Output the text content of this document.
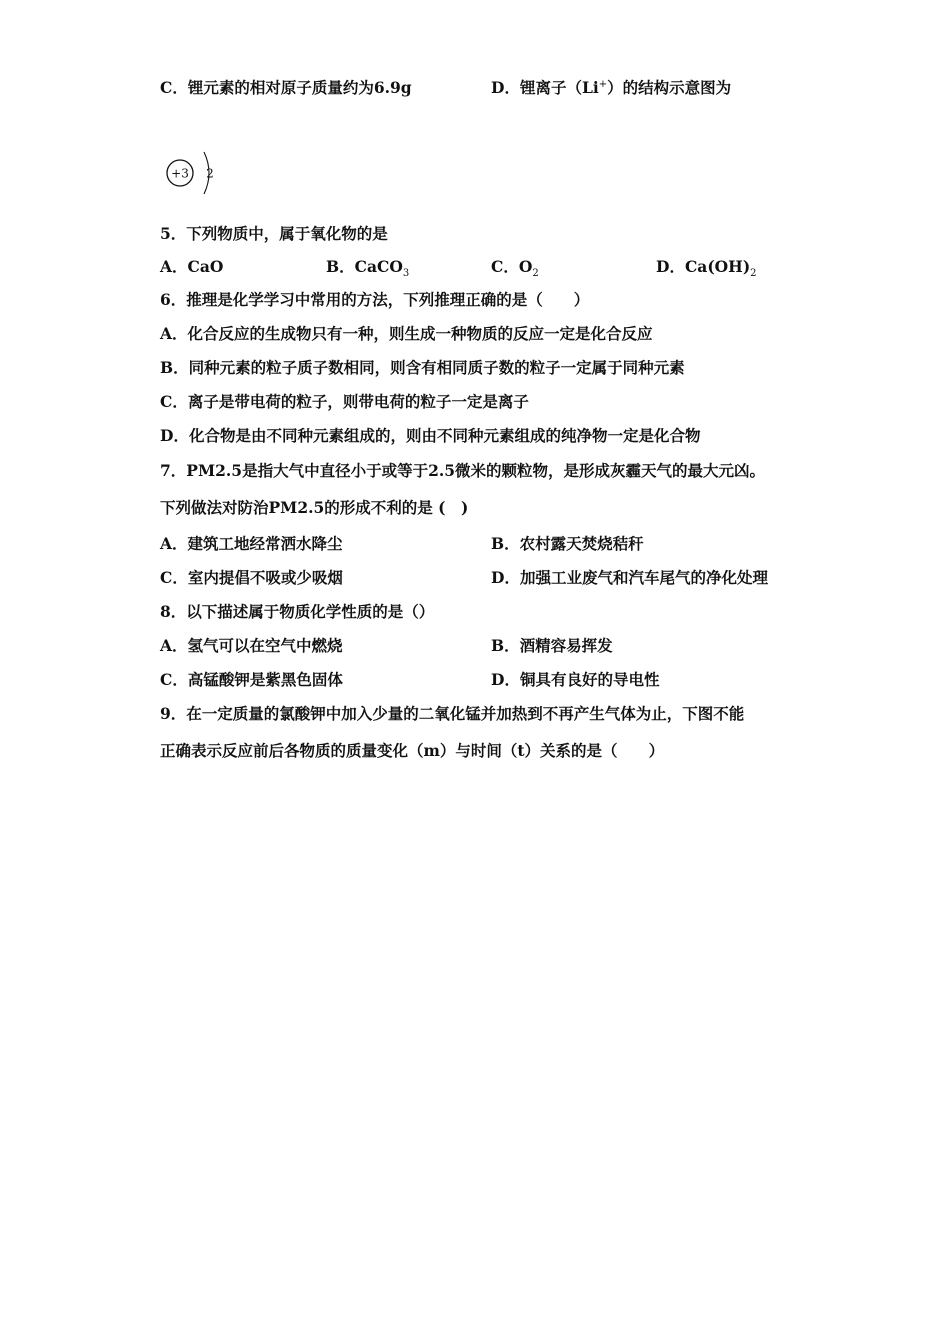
C．锂元素的相对原子质量约为6.9g	D．锂离子（Li+）的结构示意图为
+3 2
5．下列物质中，属于氧化物的是
A．CaO	B．CaCO$_3$	C．$O_2$	D．$Ca(OH)_2$
6．推理是化学学习中常用的方法，下列推理正确的是（　　）
A．化合反应的生成物只有一种，则生成一种物质的反应一定是化合反应
B．同种元素的粒子质子数相同，则含有相同质子数的粒子一定属于同种元素
C．离子是带电荷的粒子，则带电荷的粒子一定是离子
D．化合物是由不同种元素组成的，则由不同种元素组成的纯净物一定是化合物
7．PM2.5是指大气中直径小于或等于2.5微米的颗粒物，是形成灰霾天气的最大元凶。
下列做法对防治PM2.5的形成不利的是 (　)
A．建筑工地经常洒水降尘	B．农村露天焚烧秸秆
C．室内提倡不吸或少吸烟	D．加强工业废气和汽车尾气的净化处理
8．以下描述属于物质化学性质的是（）
A．氢气可以在空气中燃烧	B．酒精容易挥发
C．高锰酸钾是紫黑色固体	D．铜具有良好的导电性
9．在一定质量的氯酸钾中加入少量的二氧化锰并加热到不再产生气体为止，下图不能
正确表示反应前后各物质的质量变化（m）与时间（t）关系的是（　　）
